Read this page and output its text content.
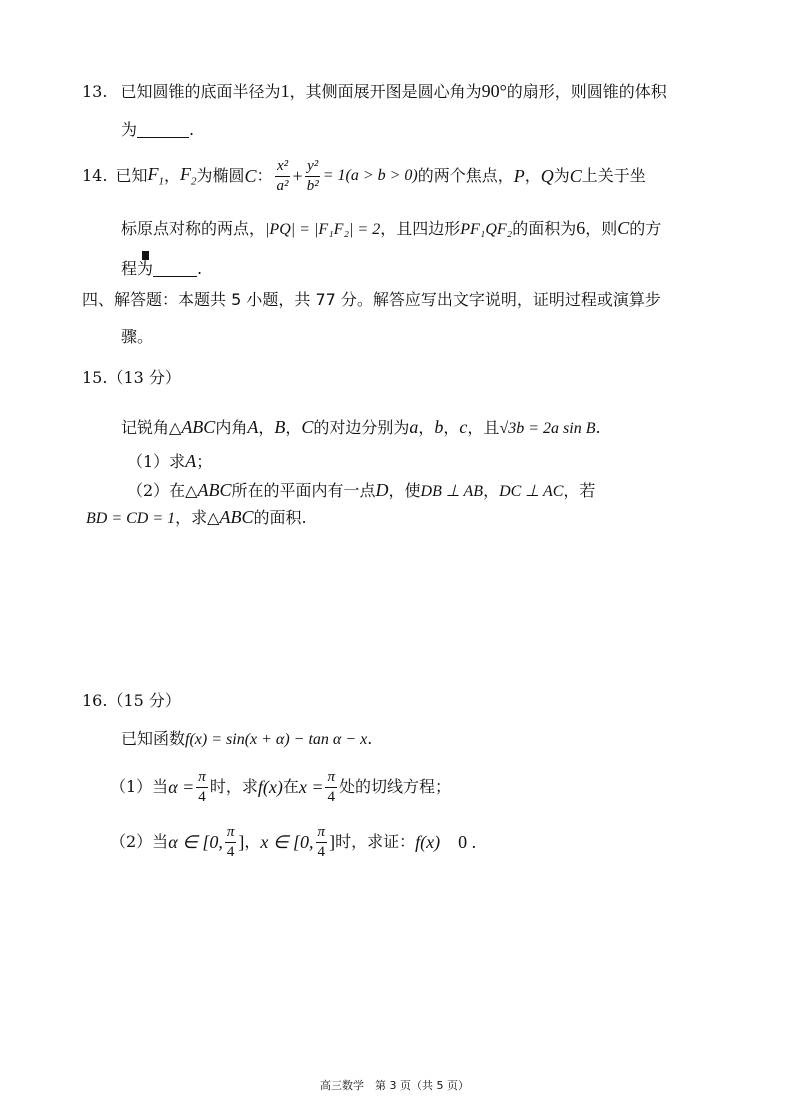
13. 已知圆锥的底面半径为1，其侧面展开图是圆心角为90°的扇形，则圆锥的体积
为	.
14. 已知 $F_1$ ， $F_2$ 为椭圆 C ： $\frac{\text{x²}}{\text{a²}} + \frac{\text{y²}}{\text{b²}} = 1(a > b > 0)$ 的两个焦点， P ， Q 为 C 上关于坐
标原点对称的两点，|PQ| = |F₁F₂| = 2，且四边形PF₁QF₂的面积为6，则C的方
程为	.
四、解答题：本题共 5 小题，共 77 分。解答应写出文字说明，证明过程或演算步
骤。
15.（13 分）
记锐角△ABC内角A，B，C的对边分别为a，b，c，且√3b = 2a sin B.
（1）求A；
（2）在△ABC所在的平面内有一点D，使DB ⊥ AB，DC ⊥ AC，若
BD = CD = 1，求△ABC的面积.
16.（15 分）
已知函数f(x) = sin(x + α) − tan α − x.
（1）当 $\alpha = \frac{\pi}{4}$ 时，求 f(x) 在 $x = \frac{\pi}{4}$ 处的切线方程；
（2）当 α ∈ [0, $\frac{\pi}{4}$ ] ， x ∈ [0, $\frac{\pi}{4}$ ] 时，求证： f(x) 0 .
高三数学　第 3 页（共 5 页）
